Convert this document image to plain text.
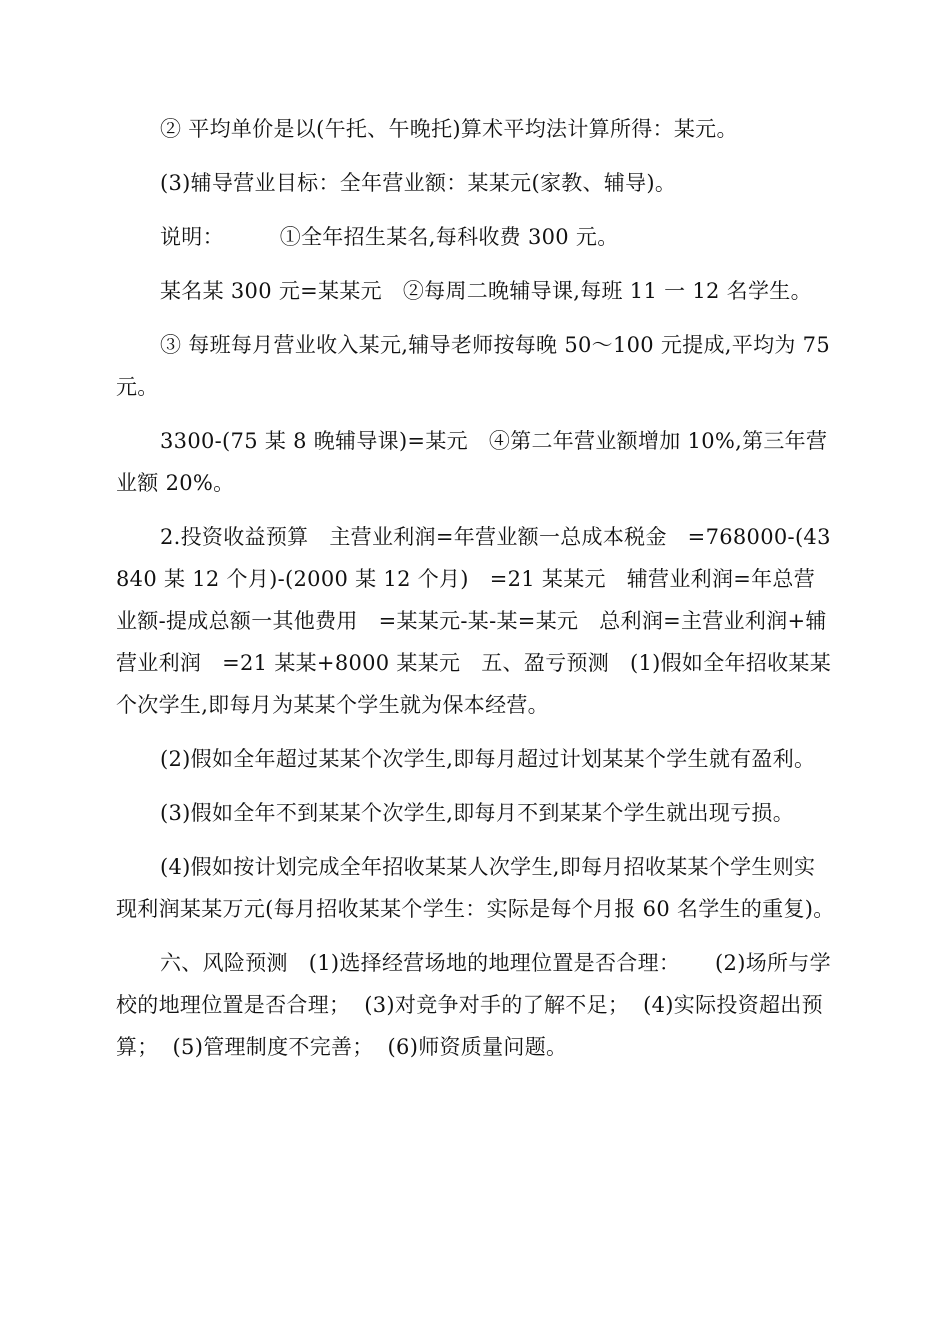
② 平均单价是以(午托、午晚托)算术平均法计算所得：某元。

(3)辅导营业目标：全年营业额：某某元(家教、辅导)。

说明：        ①全年招生某名,每科收费 300 元。

某名某 300 元=某某元   ②每周二晚辅导课,每班 11 一 12 名学生。

③ 每班每月营业收入某元,辅导老师按每晚 50～100 元提成,平均为 75 元。

3300-(75 某 8 晚辅导课)=某元   ④第二年营业额增加 10%,第三年营业额 20%。

2.投资收益预算   主营业利润=年营业额一总成本税金   =768000-(43840 某 12 个月)-(2000 某 12 个月)   =21 某某元   辅营业利润=年总营业额-提成总额一其他费用   =某某元-某-某=某元   总利润=主营业利润+辅营业利润   =21 某某+8000 某某元   五、盈亏预测   (1)假如全年招收某某个次学生,即每月为某某个学生就为保本经营。

(2)假如全年超过某某个次学生,即每月超过计划某某个学生就有盈利。

(3)假如全年不到某某个次学生,即每月不到某某个学生就出现亏损。

(4)假如按计划完成全年招收某某人次学生,即每月招收某某个学生则实现利润某某万元(每月招收某某个学生：实际是每个月报 60 名学生的重复)。

六、风险预测   (1)选择经营场地的地理位置是否合理：     (2)场所与学校的地理位置是否合理；  (3)对竞争对手的了解不足；  (4)实际投资超出预算；  (5)管理制度不完善；  (6)师资质量问题。
